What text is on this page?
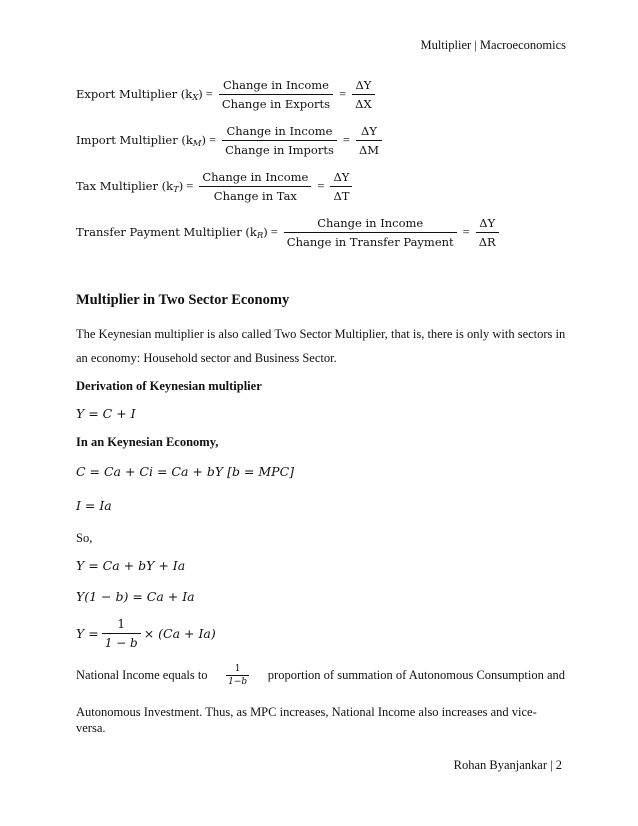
Multiplier | Macroeconomics
Export Multiplier $(k_X) = \frac{\text{Change in Income}}{\text{Change in Exports}} = \frac{\Delta Y}{\Delta X}$
Import Multiplier $(k_M) = \frac{\text{Change in Income}}{\text{Change in Imports}} = \frac{\Delta Y}{\Delta M}$
Tax Multiplier $(k_T) = \frac{\text{Change in Income}}{\text{Change in Tax}} = \frac{\Delta Y}{\Delta T}$
Transfer Payment Multiplier $(k_R) = \frac{\text{Change in Income}}{\text{Change in Transfer Payment}} = \frac{\Delta Y}{\Delta R}$
Multiplier in Two Sector Economy
The Keynesian multiplier is also called Two Sector Multiplier, that is, there is only with sectors in
an economy: Household sector and Business Sector.
Derivation of Keynesian multiplier
Y = C + I
In an Keynesian Economy,
C = Ca + Ci = Ca + bY [b = MPC]
I = Ia
So,
Y = Ca + bY + Ia
Y(1 − b) = Ca + Ia
$Y = \frac{1}{1 - b} \times (Ca + Ia)$
National Income equals to $\frac{1}{1-b}$ proportion of summation of Autonomous Consumption and
Autonomous Investment. Thus, as MPC increases, National Income also increases and vice-versa.
Rohan Byanjankar | 2
